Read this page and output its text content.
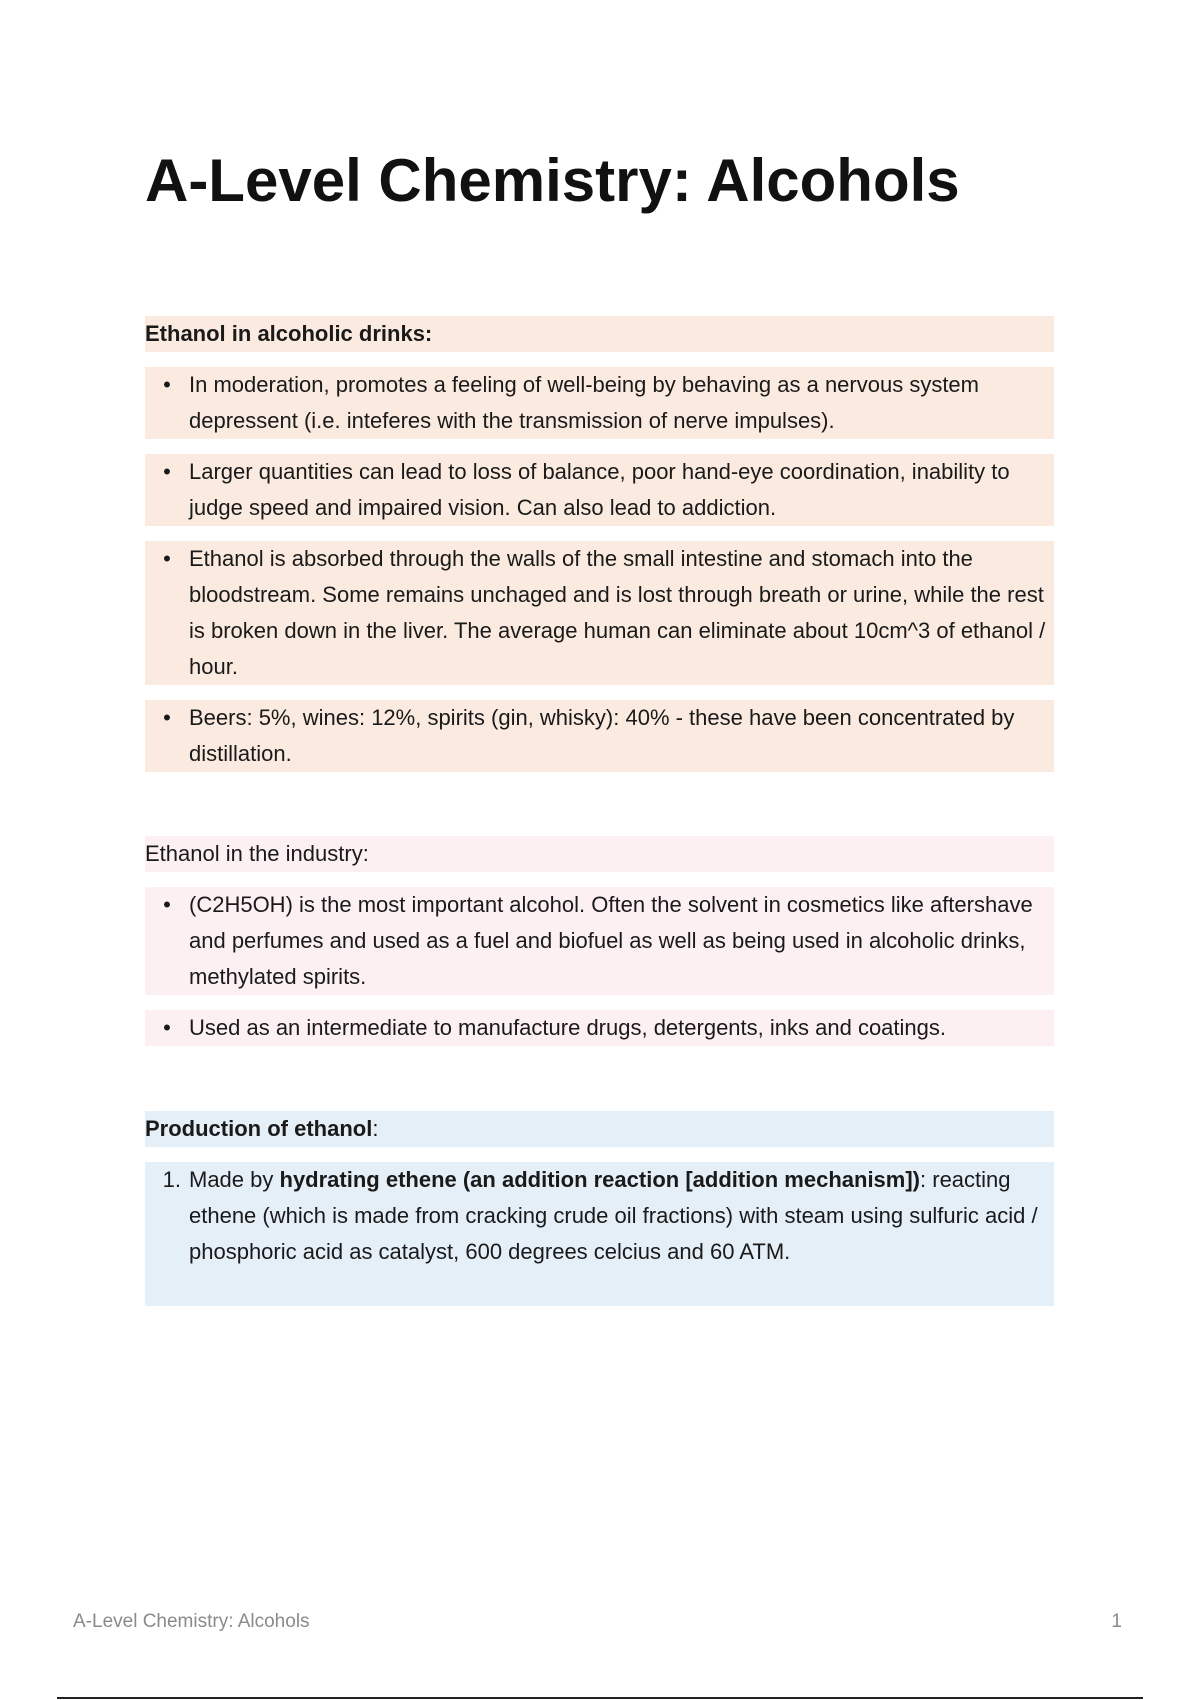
A-Level Chemistry: Alcohols
Ethanol in alcoholic drinks:
• In moderation, promotes a feeling of well-being by behaving as a nervous system depressent (i.e. inteferes with the transmission of nerve impulses).
• Larger quantities can lead to loss of balance, poor hand-eye coordination, inability to judge speed and impaired vision. Can also lead to addiction.
• Ethanol is absorbed through the walls of the small intestine and stomach into the bloodstream. Some remains unchaged and is lost through breath or urine, while the rest is broken down in the liver. The average human can eliminate about 10cm^3 of ethanol / hour.
• Beers: 5%, wines: 12%, spirits (gin, whisky): 40% - these have been concentrated by distillation.
Ethanol in the industry:
• (C2H5OH) is the most important alcohol. Often the solvent in cosmetics like aftershave and perfumes and used as a fuel and biofuel as well as being used in alcoholic drinks, methylated spirits.
• Used as an intermediate to manufacture drugs, detergents, inks and coatings.
Production of ethanol:
1. Made by hydrating ethene (an addition reaction [addition mechanism]): reacting ethene (which is made from cracking crude oil fractions) with steam using sulfuric acid / phosphoric acid as catalyst, 600 degrees celcius and 60 ATM.
A-Level Chemistry: Alcohols	1
